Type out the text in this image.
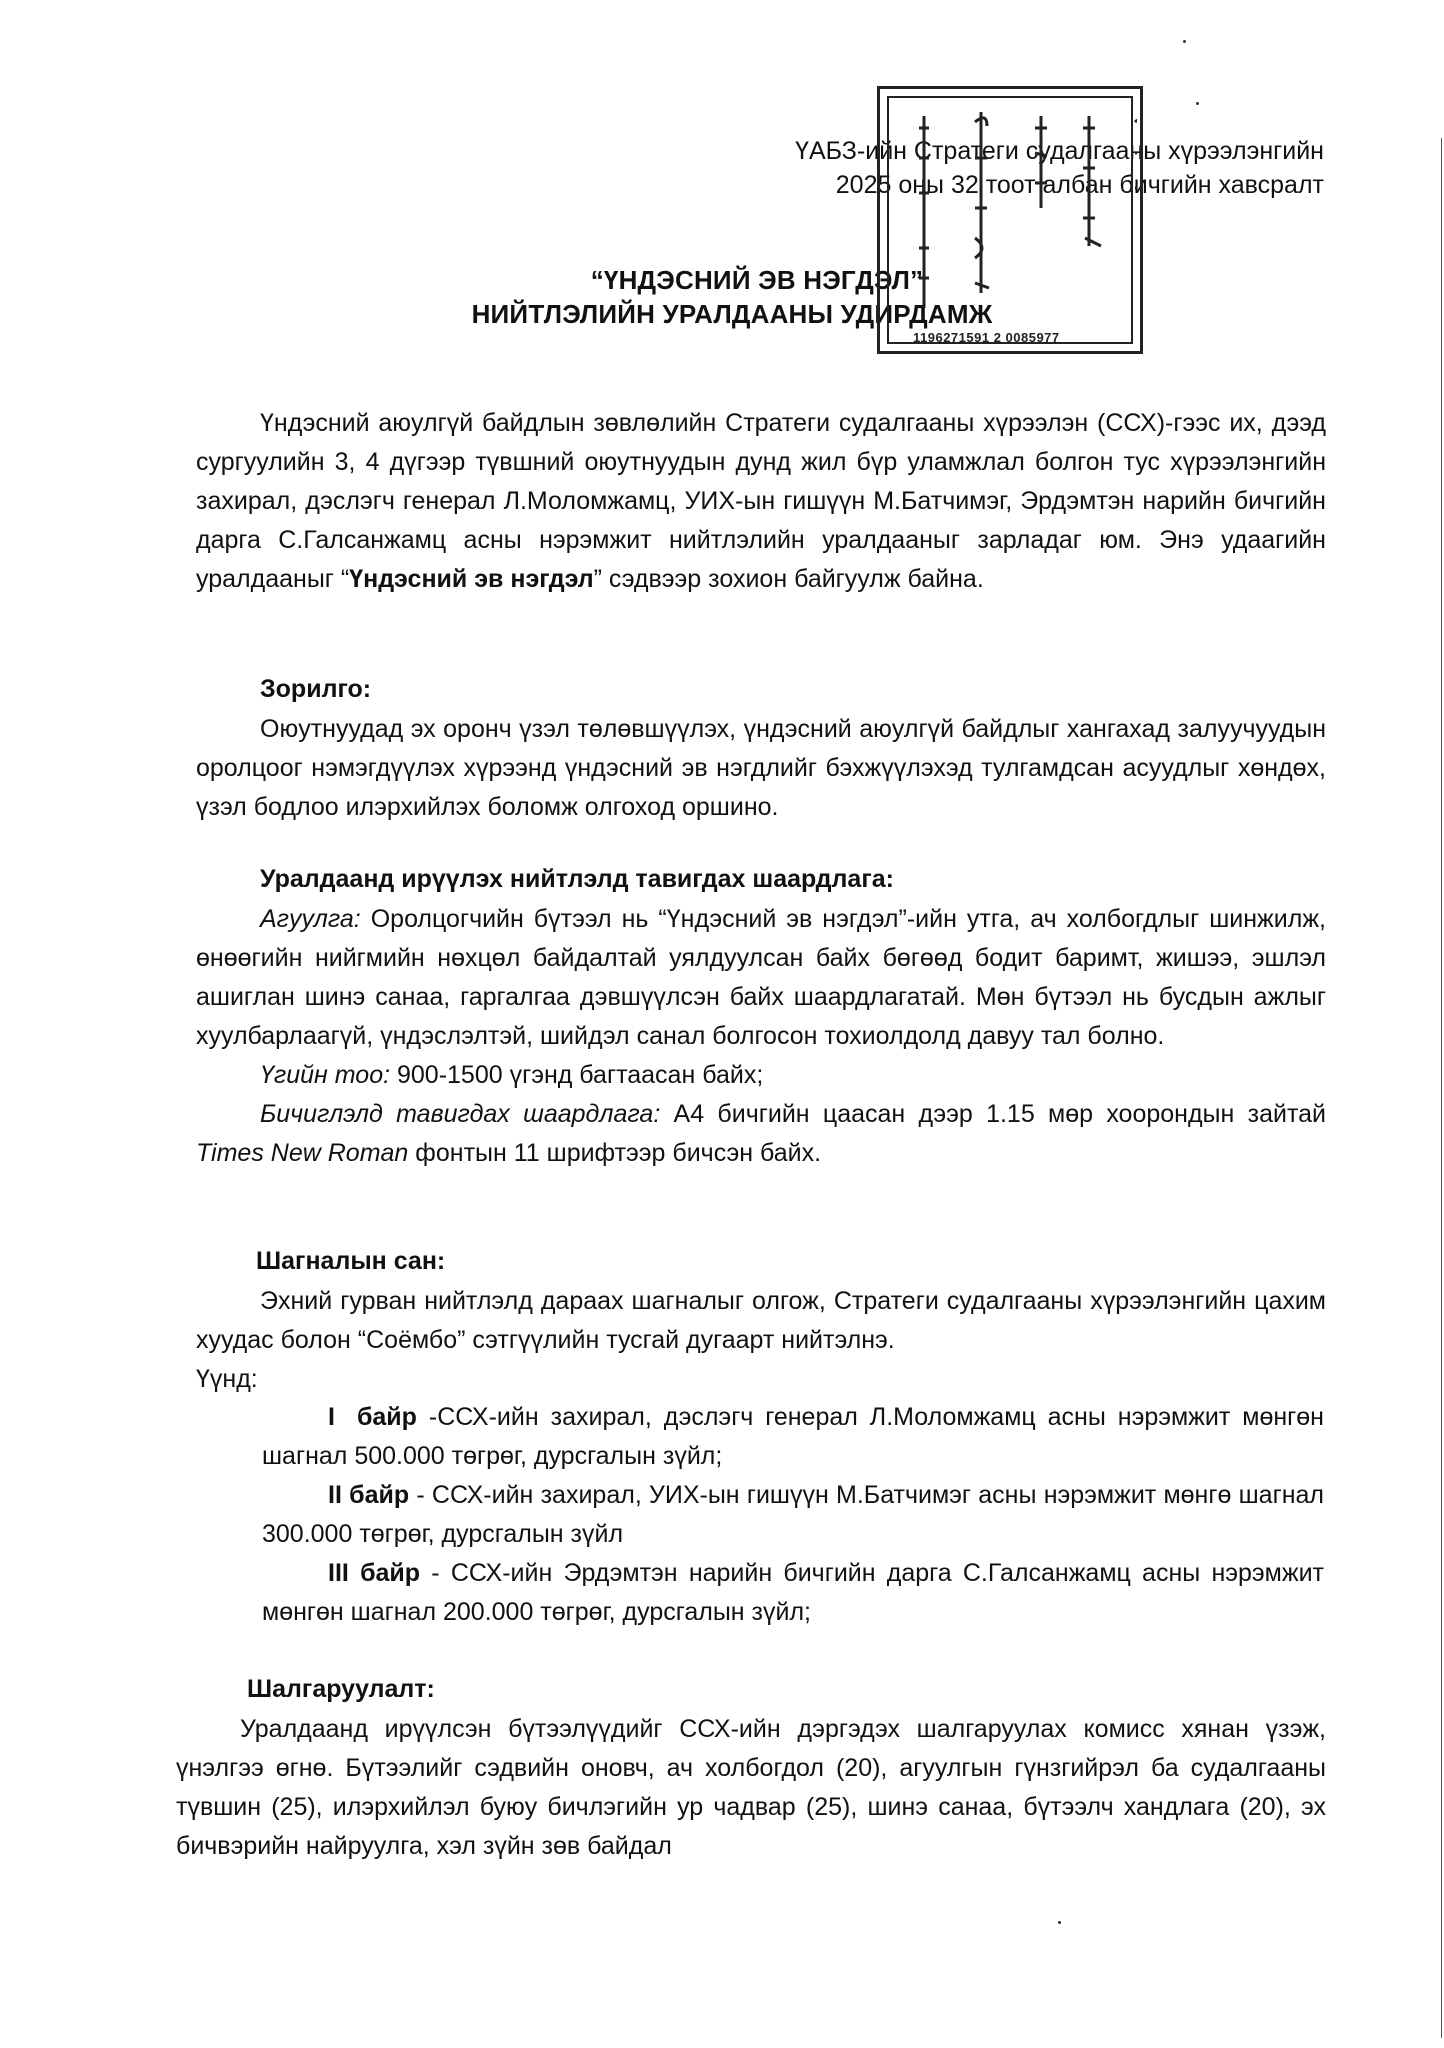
ҮАБЗ-ийн Стратеги судалгааны хүрээлэнгийн
2025 оны 32 тоот албан бичгийн хавсралт
“ҮНДЭСНИЙ ЭВ НЭГДЭЛ”
НИЙТЛЭЛИЙН УРАЛДААНЫ УДИРДАМЖ
1196271591 2 0085977

Үндэсний аюулгүй байдлын зөвлөлийн Стратеги судалгааны хүрээлэн (ССХ)-гээс их, дээд сургуулийн 3, 4 дүгээр түвшний оюутнуудын дунд жил бүр уламжлал болгон тус хүрээлэнгийн захирал, дэслэгч генерал Л.Моломжамц, УИХ-ын гишүүн М.Батчимэг, Эрдэмтэн нарийн бичгийн дарга С.Галсанжамц асны нэрэмжит нийтлэлийн уралдааныг зарладаг юм. Энэ удаагийн уралдааныг “Үндэсний эв нэгдэл” сэдвээр зохион байгуулж байна.

Зорилго:

Оюутнуудад эх оронч үзэл төлөвшүүлэх, үндэсний аюулгүй байдлыг хангахад залуучуудын оролцоог нэмэгдүүлэх хүрээнд үндэсний эв нэгдлийг бэхжүүлэхэд тулгамдсан асуудлыг хөндөх, үзэл бодлоо илэрхийлэх боломж олгоход оршино.

Уралдаанд ирүүлэх нийтлэлд тавигдах шаардлага:

Агуулга: Оролцогчийн бүтээл нь “Үндэсний эв нэгдэл”-ийн утга, ач холбогдлыг шинжилж, өнөөгийн нийгмийн нөхцөл байдалтай уялдуулсан байх бөгөөд бодит баримт, жишээ, эшлэл ашиглан шинэ санаа, гаргалгаа дэвшүүлсэн байх шаардлагатай. Мөн бүтээл нь бусдын ажлыг хуулбарлаагүй, үндэслэлтэй, шийдэл санал болгосон тохиолдолд давуу тал болно.

Үгийн тоо: 900-1500 үгэнд багтаасан байх;

Бичиглэлд тавигдах шаардлага: А4 бичгийн цаасан дээр 1.15 мөр хоорондын зайтай Times New Roman фонтын 11 шрифтээр бичсэн байх.

Шагналын сан:

Эхний гурван нийтлэлд дараах шагналыг олгож, Стратеги судалгааны хүрээлэнгийн цахим хуудас болон “Соёмбо” сэтгүүлийн тусгай дугаарт нийтэлнэ.

Үүнд:

I байр -ССХ-ийн захирал, дэслэгч генерал Л.Моломжамц асны нэрэмжит мөнгөн шагнал 500.000 төгрөг, дурсгалын зүйл;

II байр - ССХ-ийн захирал, УИХ-ын гишүүн М.Батчимэг асны нэрэмжит мөнгө шагнал 300.000 төгрөг, дурсгалын зүйл

III байр - ССХ-ийн Эрдэмтэн нарийн бичгийн дарга С.Галсанжамц асны нэрэмжит мөнгөн шагнал 200.000 төгрөг, дурсгалын зүйл;

Шалгаруулалт:

Уралдаанд ирүүлсэн бүтээлүүдийг ССХ-ийн дэргэдэх шалгаруулах комисс хянан үзэж, үнэлгээ өгнө. Бүтээлийг сэдвийн оновч, ач холбогдол (20), агуулгын гүнзгийрэл ба судалгааны түвшин (25), илэрхийлэл буюу бичлэгийн ур чадвар (25), шинэ санаа, бүтээлч хандлага (20), эх бичвэрийн найруулга, хэл зүйн зөв байдал
